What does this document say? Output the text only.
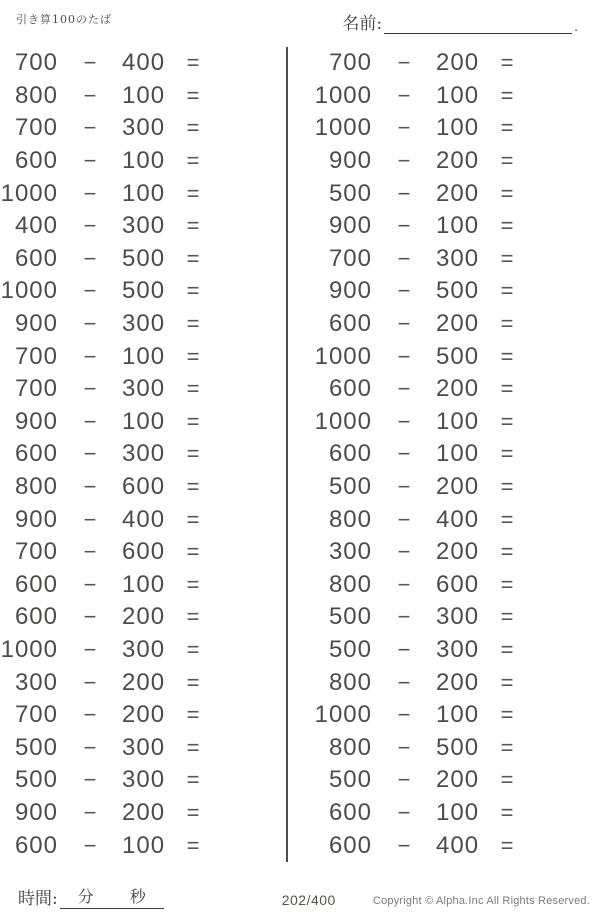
引き算100のたば	名前:	.
700	−	400 =
800	−	100 =
700	−	300 =
600	−	100 =
1000	−	100 =
400	−	300 =
600	−	500 =
1000	−	500 =
900	−	300 =
700	−	100 =
700	−	300 =
900	−	100 =
600	−	300 =
800	−	600 =
900	−	400 =
700	−	600 =
600	−	100 =
600	−	200 =
1000	−	300 =
300	−	200 =
700	−	200 =
500	−	300 =
500	−	300 =
900	−	200 =
600	−	100 =
700	−	200 =
1000	−	100 =
1000	−	100 =
900	−	200 =
500	−	200 =
900	−	100 =
700	−	300 =
900	−	500 =
600	−	200 =
1000	−	500 =
600	−	200 =
1000	−	100 =
600	−	100 =
500	−	200 =
800	−	400 =
300	−	200 =
800	−	600 =
500	−	300 =
500	−	300 =
800	−	200 =
1000	−	100 =
800	−	500 =
500	−	200 =
600	−	100 =
600	−	400 =
時間: 分 秒	202/400	Copyright © Alpha.Inc All Rights Reserved.
